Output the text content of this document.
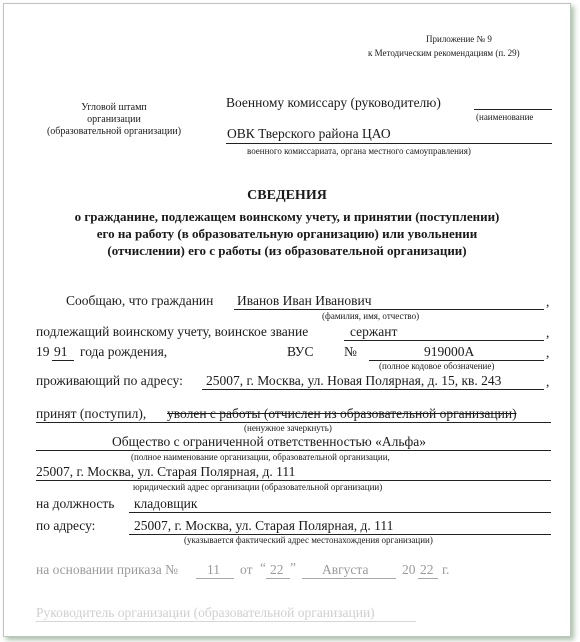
Приложение № 9
к Методическим рекомендациям (п. 29)
Угловой штамп
организации
(образовательной организации)
Военному комиссару (руководителю)
(наименование
ОВК Тверского района ЦАО
военного комиссариата, органа местного самоуправления)
СВЕДЕНИЯ
о гражданине, подлежащем воинскому учету, и принятии (поступлении)
его на работу (в образовательную организацию) или увольнении
(отчислении) его с работы (из образовательной организации)
Сообщаю, что гражданин Иванов Иван Иванович	,
(фамилия, имя, отчество)
подлежащий воинскому учету, воинское звание	сержант	,
19 91 года рождения,	ВУС №	919000А	,
(полное кодовое обозначение)
проживающий по адресу: 25007, г. Москва, ул. Новая Полярная, д. 15, кв. 243	,
принят (поступил), уволен с работы (отчислен из образовательной организации)
(ненужное зачеркнуть)
Общество с ограниченной ответственностью «Альфа»
(полное наименование организации, образовательной организации,
25007, г. Москва, ул. Старая Полярная, д. 111
юридический адрес организации (образовательной организации)
на должность кладовщик
по адресу:	25007, г. Москва, ул. Старая Полярная, д. 111
(указывается фактический адрес местонахождения организации)
на основании приказа № 11 от “ 22 ” Августа 20 22 г.
Руководитель организации (образовательной организации)
